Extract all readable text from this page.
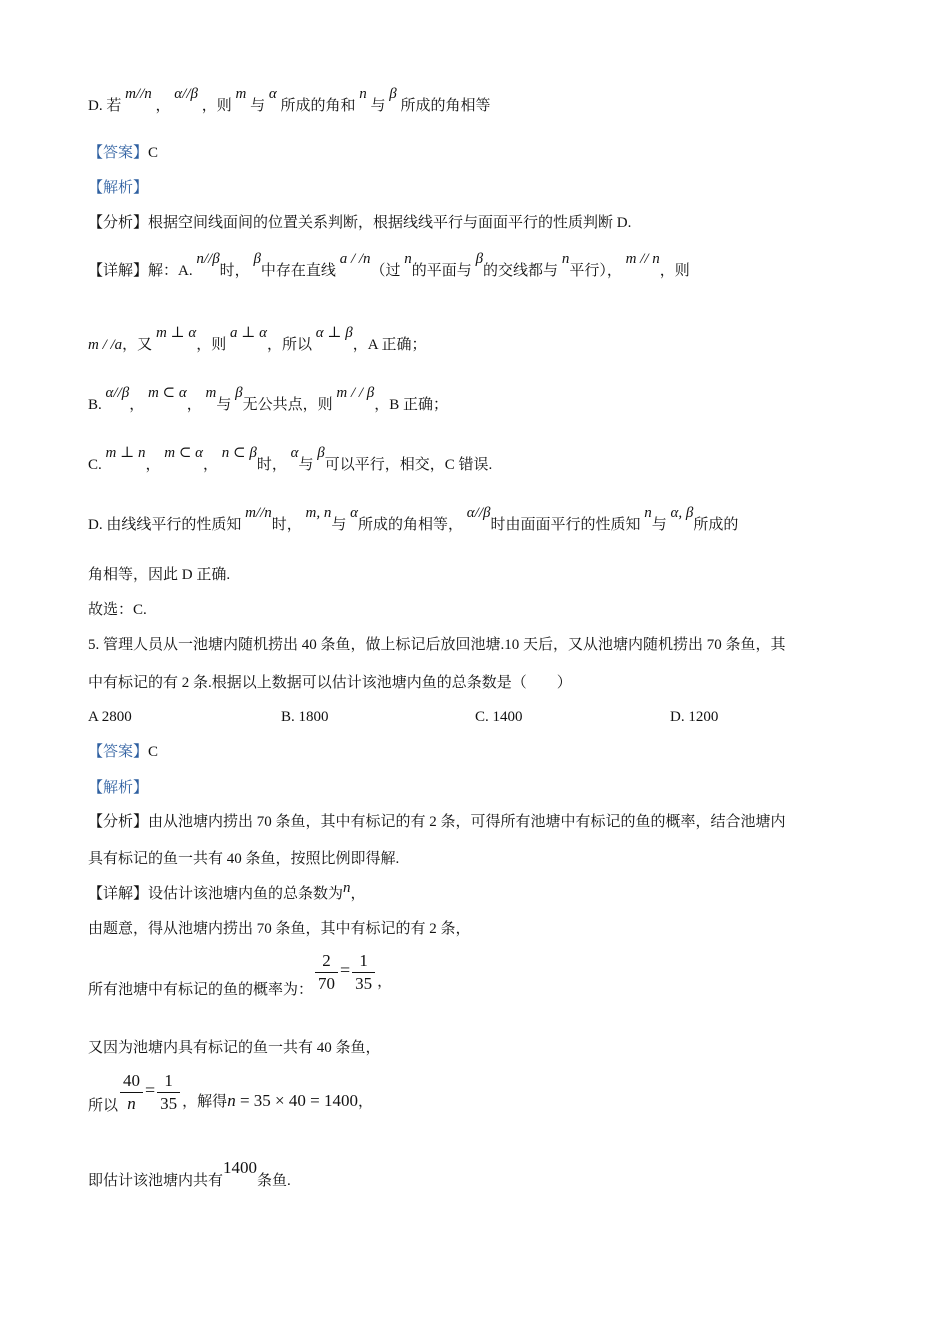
D. 若 m//n ， α//β ，则 m 与 α 所成的角和 n 与 β 所成的角相等
【答案】C
【解析】
【分析】根据空间线面间的位置关系判断，根据线线平行与面面平行的性质判断 D.
【详解】解：A. n//β时， β中存在直线 a / /n（过 n的平面与 β的交线都与 n平行）， m // n，则
m / /a，又 m ⊥ α，则 a ⊥ α，所以 α ⊥ β，A 正确；
B. α//β， m ⊂ α， m与 β无公共点，则 m / / β，B 正确；
C. m ⊥ n， m ⊂ α， n ⊂ β时， α与 β可以平行，相交，C 错误.
D. 由线线平行的性质知 m//n时， m, n与 α所成的角相等， α//β时由面面平行的性质知 n与 α, β所成的
角相等，因此 D 正确.
故选：C.
5. 管理人员从一池塘内随机捞出 40 条鱼，做上标记后放回池塘.10 天后，又从池塘内随机捞出 70 条鱼，其
中有标记的有 2 条.根据以上数据可以估计该池塘内鱼的总条数是（　　）
A 2800	B. 1800	C. 1400	D. 1200
【答案】C
【解析】
【分析】由从池塘内捞出 70 条鱼，其中有标记的有 2 条，可得所有池塘中有标记的鱼的概率，结合池塘内
具有标记的鱼一共有 40 条鱼，按照比例即得解.
【详解】设估计该池塘内鱼的总条数为n，
由题意，得从池塘内捞出 70 条鱼，其中有标记的有 2 条，
所有池塘中有标记的鱼的概率为： $\frac{2}{70} = \frac{1}{35}$ ，
又因为池塘内具有标记的鱼一共有 40 条鱼，
所以 $\frac{40}{n} = \frac{1}{35}$ ，解得n = 35 × 40 = 1400，
即估计该池塘内共有1400条鱼.
